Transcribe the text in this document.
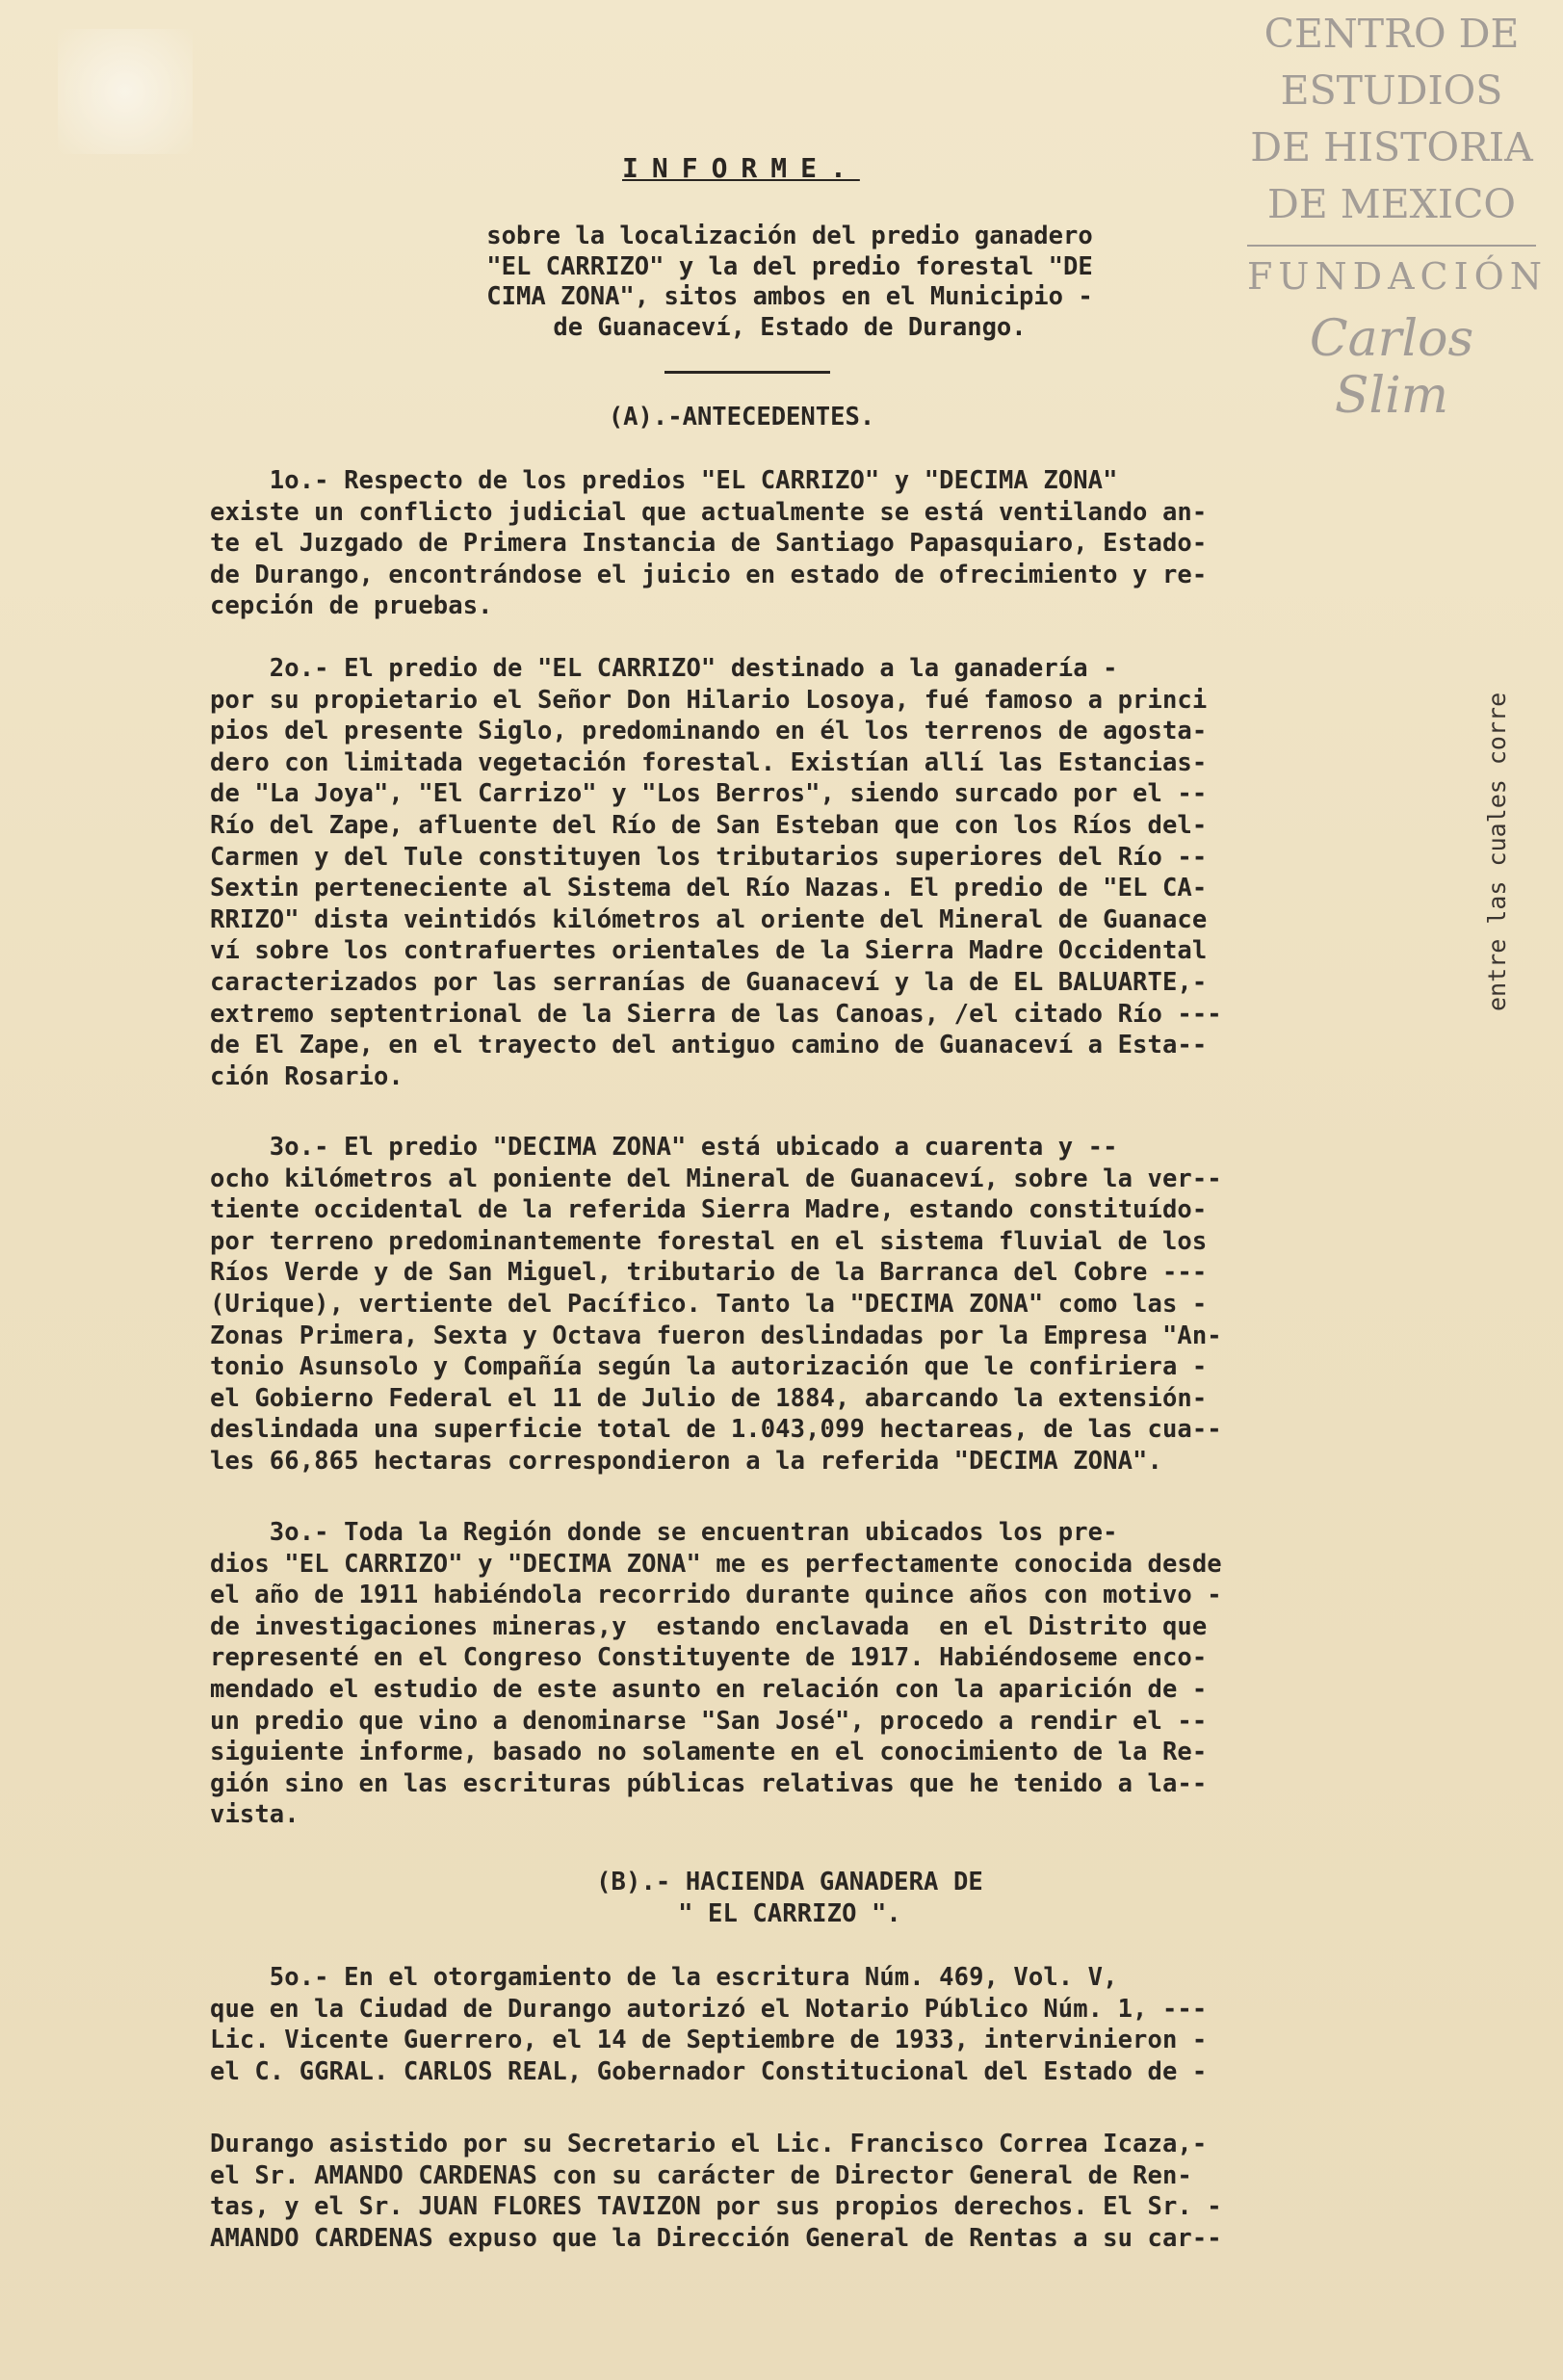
CENTRO DE
ESTUDIOS
DE HISTORIA
DE MEXICO
FUNDACIÓN
Carlos Slim
INFORME.
sobre la localización del predio ganadero
"EL CARRIZO" y la del predio forestal "DE
CIMA ZONA", sitos ambos en el Municipio -
de Guanaceví, Estado de Durango.
(A).-ANTECEDENTES.

1o.- Respecto de los predios "EL CARRIZO" y "DECIMA ZONA"

existe un conflicto judicial que actualmente se está ventilando an-

te el Juzgado de Primera Instancia de Santiago Papasquiaro, Estado-

de Durango, encontrándose el juicio en estado de ofrecimiento y re-

cepción de pruebas.

2o.- El predio de "EL CARRIZO" destinado a la ganadería -

por su propietario el Señor Don Hilario Losoya, fué famoso a princi

pios del presente Siglo, predominando en él los terrenos de agosta-

dero con limitada vegetación forestal. Existían allí las Estancias-

de "La Joya", "El Carrizo" y "Los Berros", siendo surcado por el --

Río del Zape, afluente del Río de San Esteban que con los Ríos del-

Carmen y del Tule constituyen los tributarios superiores del Río --

Sextin perteneciente al Sistema del Río Nazas. El predio de "EL CA-

RRIZO" dista veintidós kilómetros al oriente del Mineral de Guanace

ví sobre los contrafuertes orientales de la Sierra Madre Occidental

caracterizados por las serranías de Guanaceví y la de EL BALUARTE,-

extremo septentrional de la Sierra de las Canoas, /el citado Río ---

de El Zape, en el trayecto del antiguo camino de Guanaceví a Esta--

ción Rosario.

3o.- El predio "DECIMA ZONA" está ubicado a cuarenta y --

ocho kilómetros al poniente del Mineral de Guanaceví, sobre la ver--

tiente occidental de la referida Sierra Madre, estando constituído-

por terreno predominantemente forestal en el sistema fluvial de los

Ríos Verde y de San Miguel, tributario de la Barranca del Cobre ---

(Urique), vertiente del Pacífico. Tanto la "DECIMA ZONA" como las -

Zonas Primera, Sexta y Octava fueron deslindadas por la Empresa "An-

tonio Asunsolo y Compañía según la autorización que le confiriera -

el Gobierno Federal el 11 de Julio de 1884, abarcando la extensión-

deslindada una superficie total de 1.043,099 hectareas, de las cua--

les 66,865 hectaras correspondieron a la referida "DECIMA ZONA".

3o.- Toda la Región donde se encuentran ubicados los pre-

dios "EL CARRIZO" y "DECIMA ZONA" me es perfectamente conocida desde

el año de 1911 habiéndola recorrido durante quince años con motivo -

de investigaciones mineras,y  estando enclavada  en el Distrito que

representé en el Congreso Constituyente de 1917. Habiéndoseme enco-

mendado el estudio de este asunto en relación con la aparición de -

un predio que vino a denominarse "San José", procedo a rendir el --

siguiente informe, basado no solamente en el conocimiento de la Re-

gión sino en las escrituras públicas relativas que he tenido a la--

vista.

(B).- HACIENDA GANADERA DE
" EL CARRIZO ".

5o.- En el otorgamiento de la escritura Núm. 469, Vol. V,

que en la Ciudad de Durango autorizó el Notario Público Núm. 1, ---

Lic. Vicente Guerrero, el 14 de Septiembre de 1933, intervinieron -

el C. GGRAL. CARLOS REAL, Gobernador Constitucional del Estado de -

Durango asistido por su Secretario el Lic. Francisco Correa Icaza,-

el Sr. AMANDO CARDENAS con su carácter de Director General de Ren-

tas, y el Sr. JUAN FLORES TAVIZON por sus propios derechos. El Sr. -

AMANDO CARDENAS expuso que la Dirección General de Rentas a su car--

entre las cuales corre
